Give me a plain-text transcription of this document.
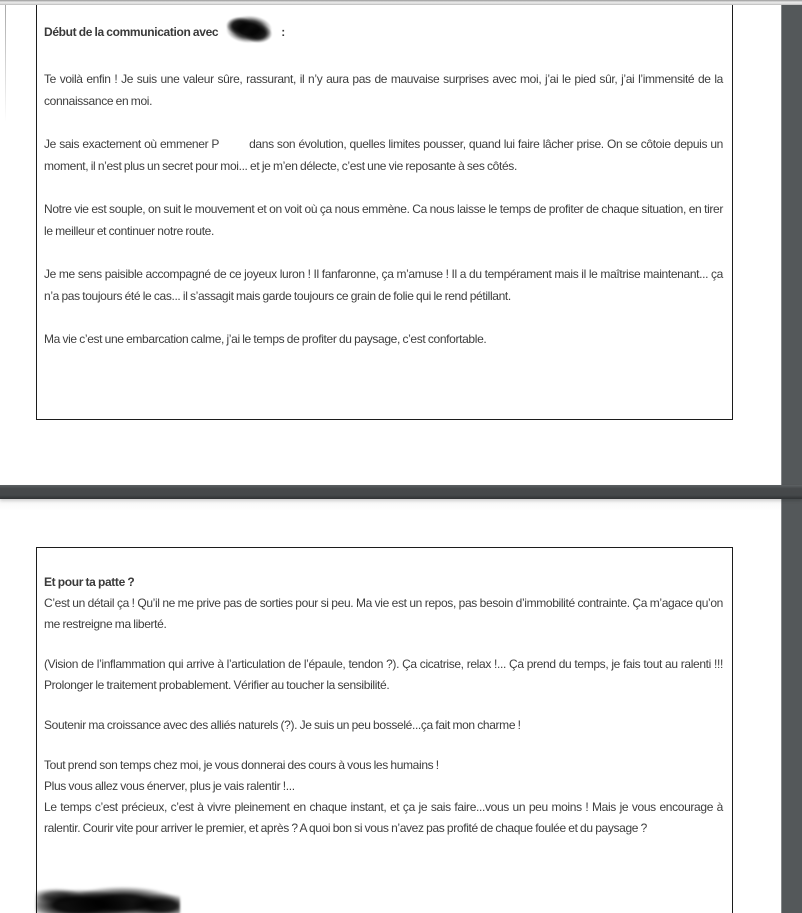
Début de la communication avec	:

Te voilà enfin ! Je suis une valeur sûre, rassurant, il n’y aura pas de mauvaise surprises avec moi, j’ai le pied sûr, j’ai l’immensité de la connaissance en moi.

Je sais exactement où emmener P	dans son évolution, quelles limites pousser, quand lui faire lâcher prise. On se côtoie depuis un moment, il n’est plus un secret pour moi... et je m’en délecte, c’est une vie reposante à ses côtés.

Notre vie est souple, on suit le mouvement et on voit où ça nous emmène. Ca nous laisse le temps de profiter de chaque situation, en tirer le meilleur et continuer notre route.

Je me sens paisible accompagné de ce joyeux luron ! Il fanfaronne, ça m’amuse ! Il a du tempérament mais il le maîtrise maintenant... ça n’a pas toujours été le cas... il s’assagit mais garde toujours ce grain de folie qui le rend pétillant.

Ma vie c’est une embarcation calme, j’ai le temps de profiter du paysage, c’est confortable.

Et pour ta patte ?

C’est un détail ça ! Qu’il ne me prive pas de sorties pour si peu. Ma vie est un repos, pas besoin d’immobilité contrainte. Ça m’agace qu’on me restreigne ma liberté.

(Vision de l’inflammation qui arrive à l’articulation de l’épaule, tendon ?). Ça cicatrise, relax !... Ça prend du temps, je fais tout au ralenti !!! Prolonger le traitement probablement. Vérifier au toucher la sensibilité.

Soutenir ma croissance avec des alliés naturels (?). Je suis un peu bosselé...ça fait mon charme !

Tout prend son temps chez moi, je vous donnerai des cours à vous les humains !

Plus vous allez vous énerver, plus je vais ralentir !...

Le temps c’est précieux, c’est à vivre pleinement en chaque instant, et ça je sais faire...vous un peu moins ! Mais je vous encourage à ralentir. Courir vite pour arriver le premier, et après ? A quoi bon si vous n’avez pas profité de chaque foulée et du paysage ?
